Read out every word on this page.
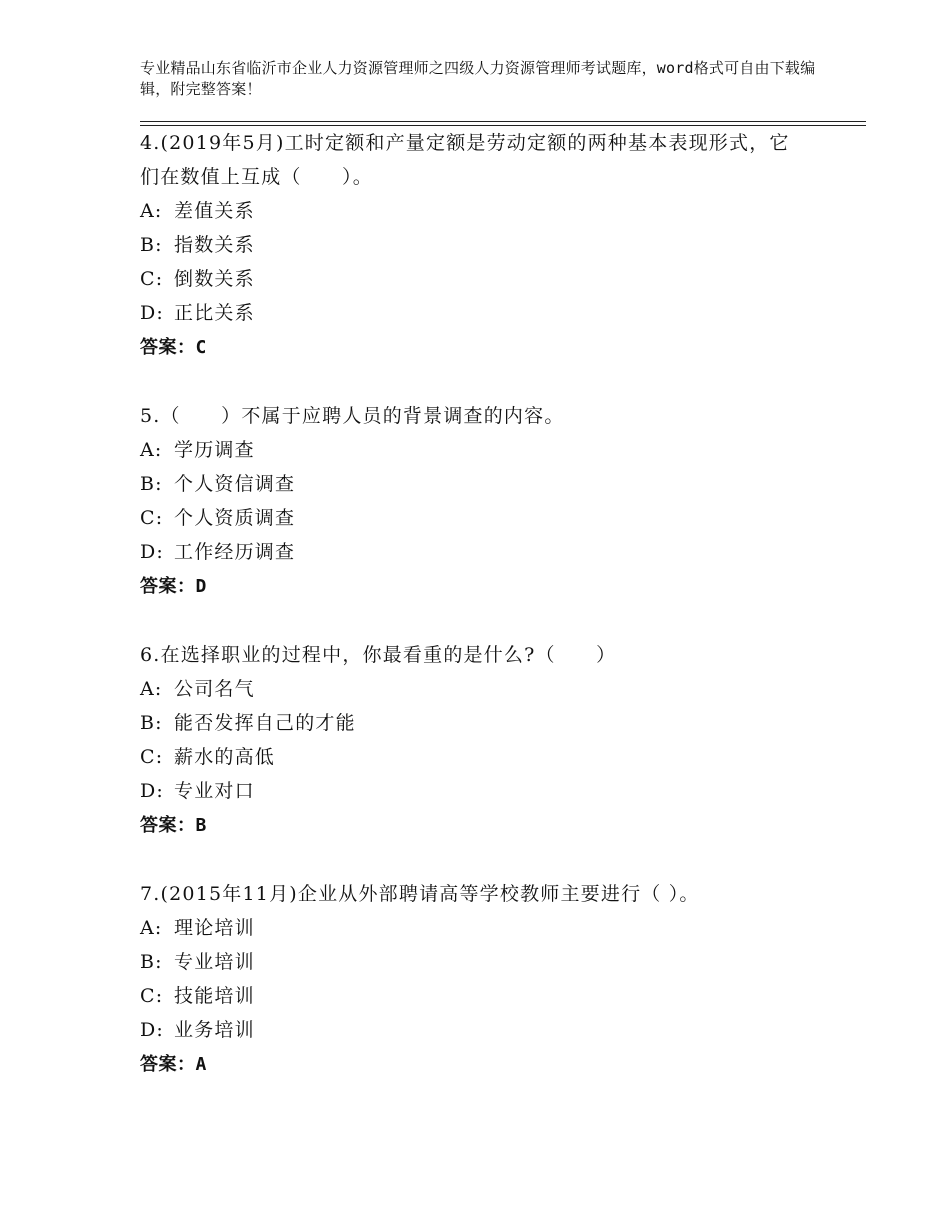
专业精品山东省临沂市企业人力资源管理师之四级人力资源管理师考试题库，word格式可自由下载编辑，附完整答案！

4.(2019年5月)工时定额和产量定额是劳动定额的两种基本表现形式，它们在数值上互成（　　）。

A: 差值关系
B: 指数关系
C: 倒数关系
D: 正比关系
答案：C

5.（　　）不属于应聘人员的背景调查的内容。

A: 学历调查
B: 个人资信调查
C: 个人资质调查
D: 工作经历调查
答案：D

6.在选择职业的过程中，你最看重的是什么?（　　）

A: 公司名气
B: 能否发挥自己的才能
C: 薪水的高低
D: 专业对口
答案：B

7.(2015年11月)企业从外部聘请高等学校教师主要进行（ ）。

A: 理论培训
B: 专业培训
C: 技能培训
D: 业务培训
答案：A
